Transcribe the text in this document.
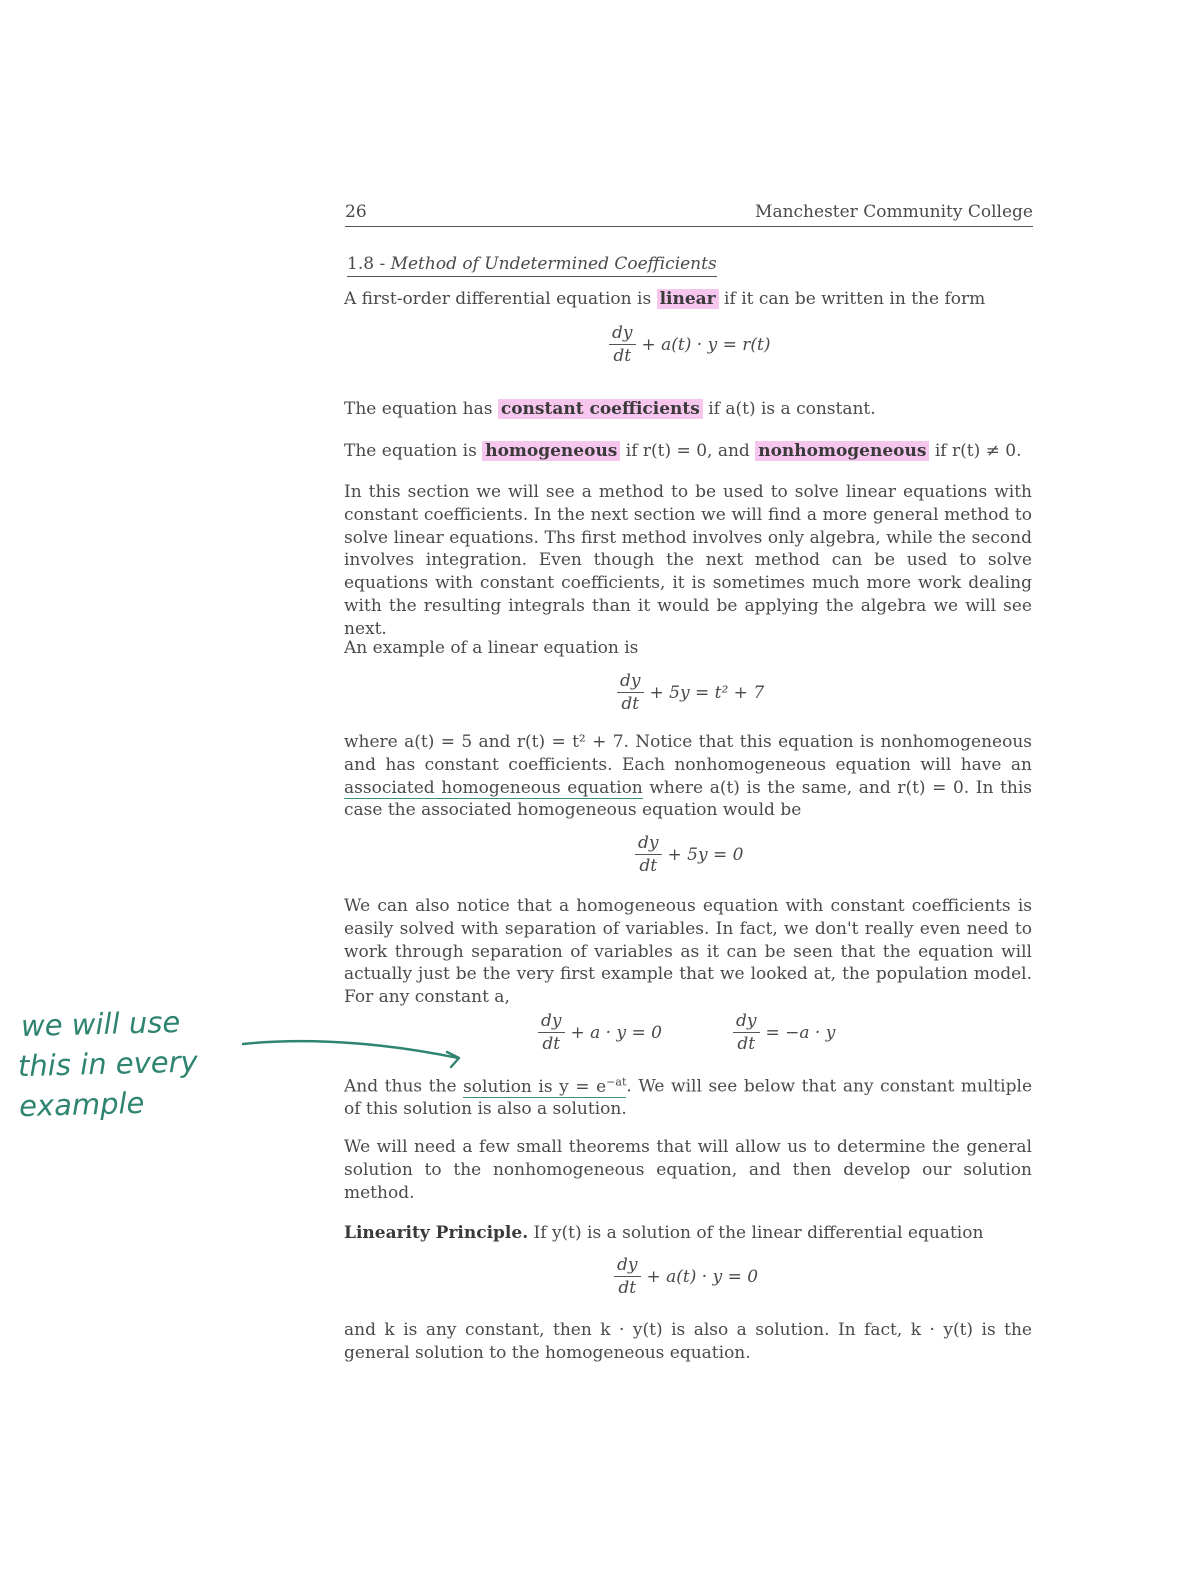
26	Manchester Community College
1.8 - Method of Undetermined Coefficients

A first-order differential equation is linear if it can be written in the form

$\frac{dy}{dt} + a(t) \cdot y = r(t)$

The equation has constant coefficients if a(t) is a constant.

The equation is homogeneous if r(t) = 0, and nonhomogeneous if r(t) ≠ 0.

In this section we will see a method to be used to solve linear equations with constant coefficients. In the next section we will find a more general method to solve linear equations. Ths first method involves only algebra, while the second involves integration. Even though the next method can be used to solve equations with constant coefficients, it is sometimes much more work dealing with the resulting integrals than it would be applying the algebra we will see next.

An example of a linear equation is

$\frac{dy}{dt} + 5y = t^2 + 7$

where a(t) = 5 and r(t) = t² + 7. Notice that this equation is nonhomogeneous and has constant coefficients. Each nonhomogeneous equation will have an associated homogeneous equation where a(t) is the same, and r(t) = 0. In this case the associated homogeneous equation would be

$\frac{dy}{dt} + 5y = 0$

We can also notice that a homogeneous equation with constant coefficients is easily solved with separation of variables. In fact, we don't really even need to work through separation of variables as it can be seen that the equation will actually just be the very first example that we looked at, the population model. For any constant a,

$\frac{dy}{dt} + a \cdot y = 0$	$\frac{dy}{dt} = -a \cdot y$

And thus the solution is $y = e^{-at}$. We will see below that any constant multiple of this solution is also a solution.

We will need a few small theorems that will allow us to determine the general solution to the nonhomogeneous equation, and then develop our solution method.

Linearity Principle. If y(t) is a solution of the linear differential equation

$\frac{dy}{dt} + a(t) \cdot y = 0$

and k is any constant, then k · y(t) is also a solution. In fact, k · y(t) is the general solution to the homogeneous equation.

we will use
this in every
example
